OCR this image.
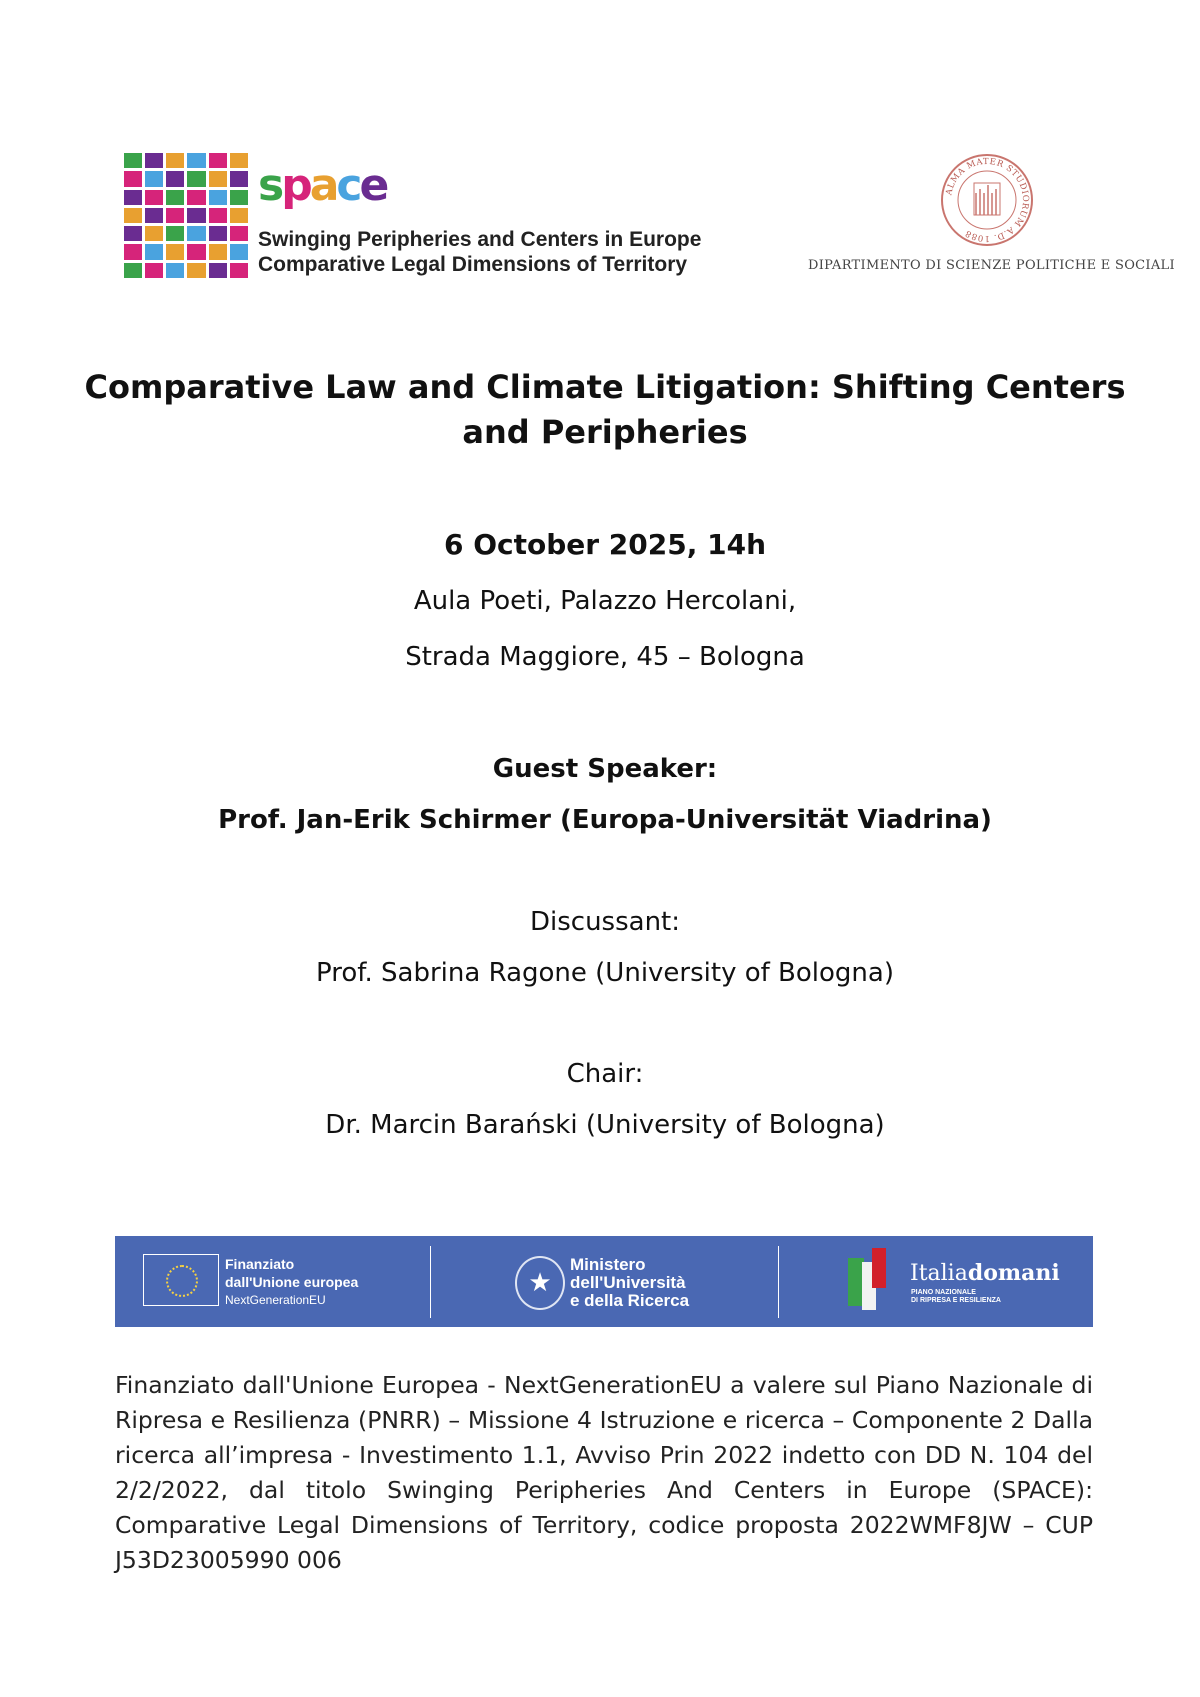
space
Swinging Peripheries and Centers in Europe
Comparative Legal Dimensions of Territory
ALMA MATER STUDIORUM A.D. 1088
DIPARTIMENTO DI SCIENZE POLITICHE E SOCIALI
Comparative Law and Climate Litigation: Shifting Centers
and Peripheries
6 October 2025, 14h
Aula Poeti, Palazzo Hercolani,
Strada Maggiore, 45 – Bologna
Guest Speaker:
Prof. Jan-Erik Schirmer (Europa-Universität Viadrina)
Discussant:
Prof. Sabrina Ragone (University of Bologna)
Chair:
Dr. Marcin Barański (University of Bologna)
Finanziato
dall'Unione europea
NextGenerationEU
★
Ministero
dell'Università
e della Ricerca
Italiadomani
PIANO NAZIONALE
DI RIPRESA E RESILIENZA
Finanziato dall'Unione Europea - NextGenerationEU a valere sul Piano Nazionale di Ripresa e Resilienza (PNRR) – Missione 4 Istruzione e ricerca – Componente 2 Dalla ricerca all’impresa - Investimento 1.1, Avviso Prin 2022 indetto con DD N. 104 del 2/2/2022, dal titolo Swinging Peripheries And Centers in Europe (SPACE): Comparative Legal Dimensions of Territory, codice proposta 2022WMF8JW – CUP J53D23005990 006
